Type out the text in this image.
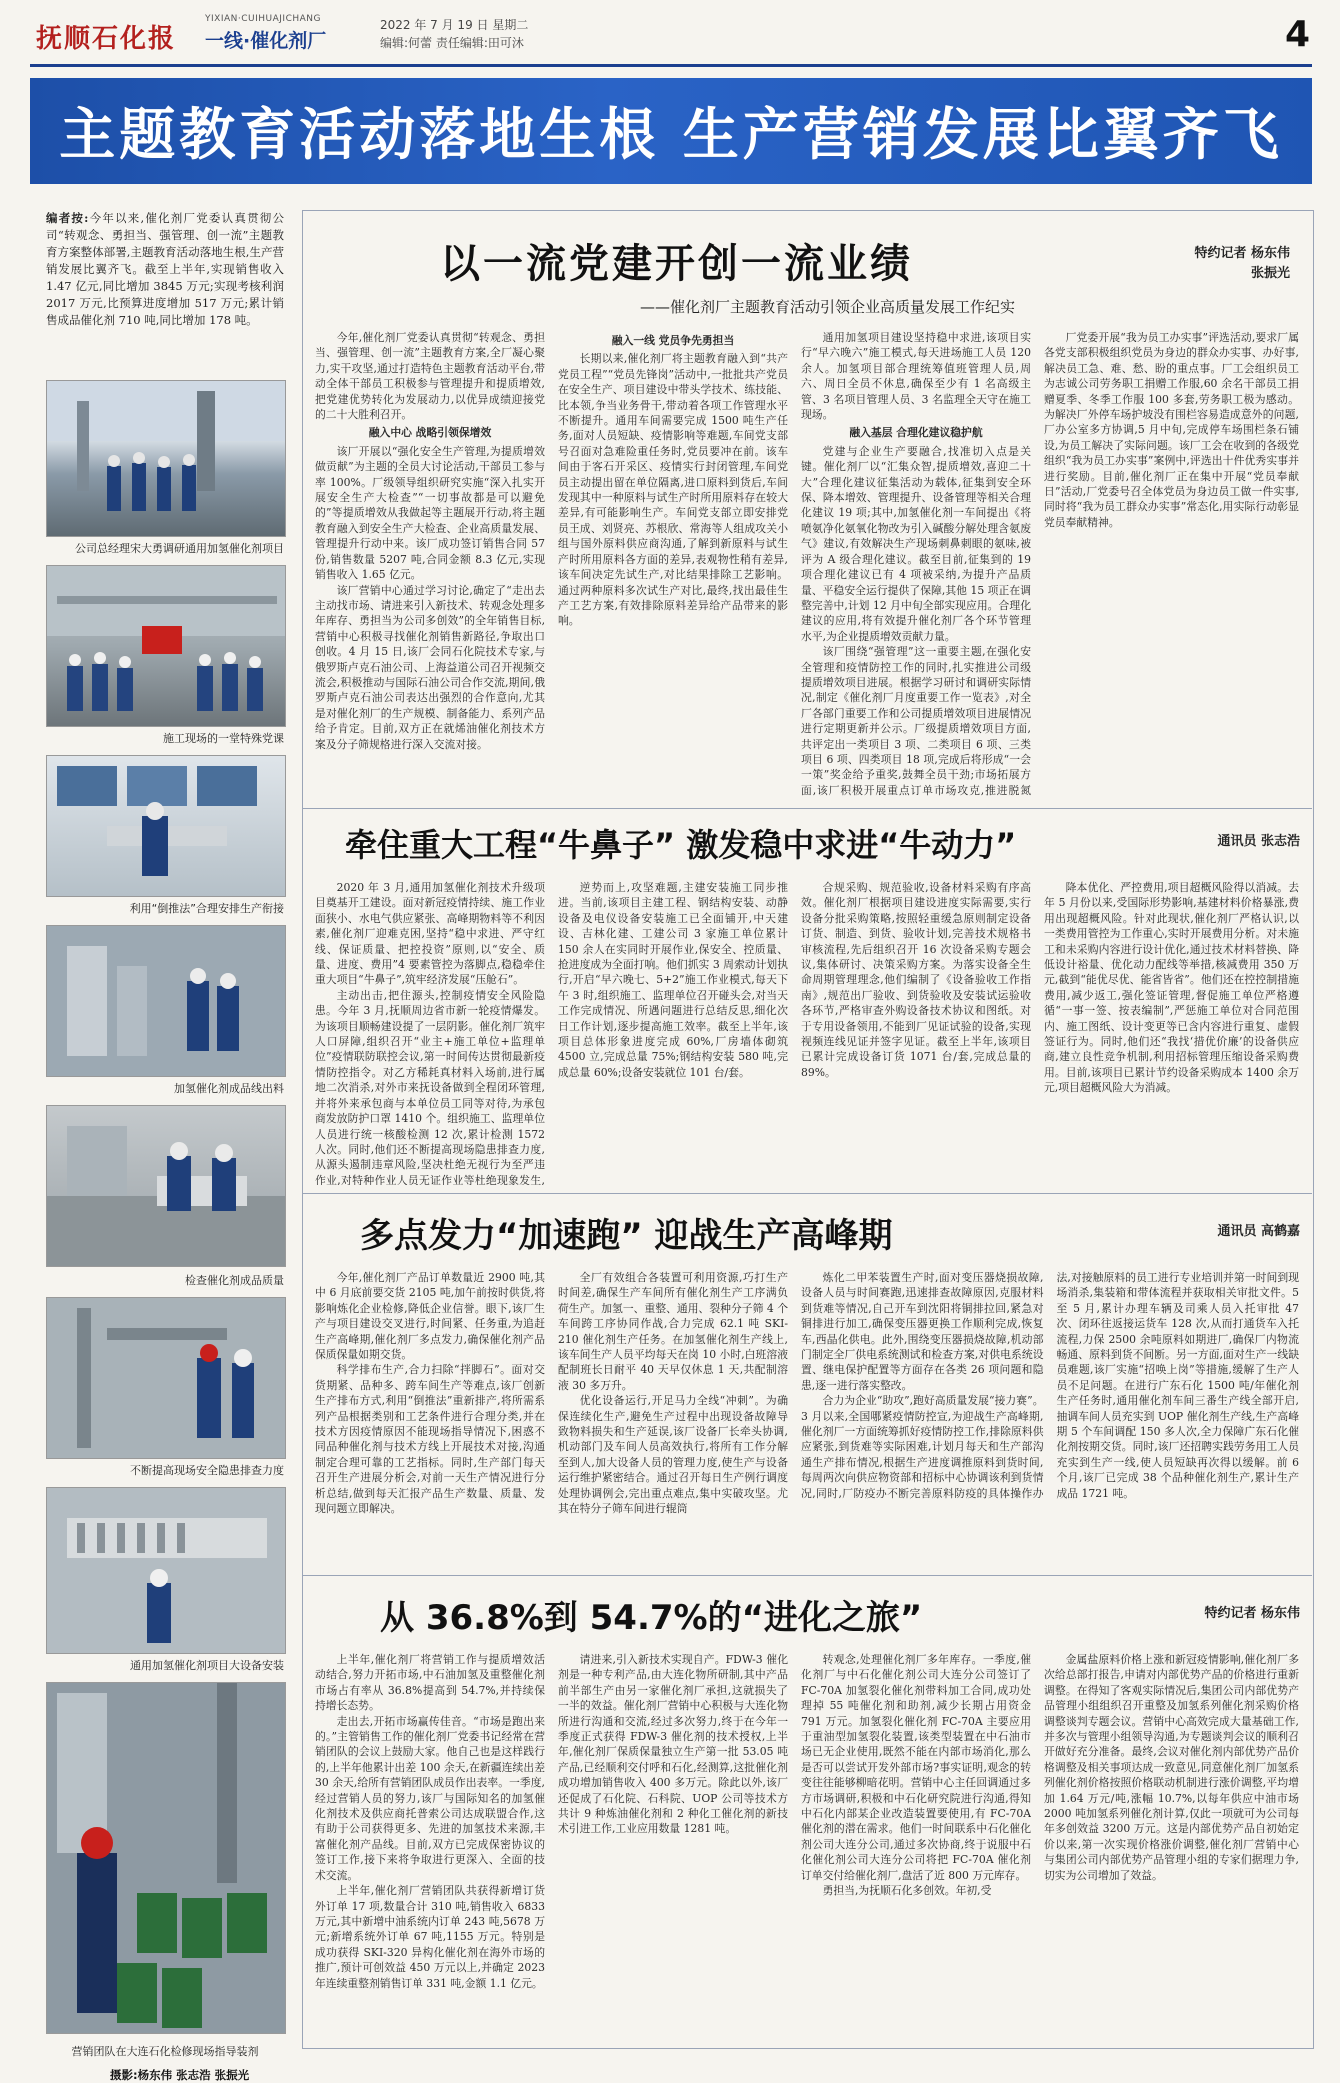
抚顺石化报
YIXIAN·CUIHUAJICHANG
一线·催化剂厂
2022 年 7 月 19 日 星期二
编辑:何蕾 责任编辑:田可沐	4
主题教育活动落地生根 生产营销发展比翼齐飞
编者按:今年以来,催化剂厂党委认真贯彻公司“转观念、勇担当、强管理、创一流”主题教育方案整体部署,主题教育活动落地生根,生产营销发展比翼齐飞。截至上半年,实现销售收入 1.47 亿元,同比增加 3845 万元;实现考核利润 2017 万元,比预算进度增加 517 万元;累计销售成品催化剂 710 吨,同比增加 178 吨。
公司总经理宋大勇调研通用加氢催化剂项目
施工现场的一堂特殊党课
利用“倒推法”合理安排生产衔接
加氢催化剂成品线出料
检查催化剂成品质量
不断提高现场安全隐患排查力度
通用加氢催化剂项目大设备安装
营销团队在大连石化检修现场指导装剂
摄影:杨东伟 张志浩 张振光
以一流党建开创一流业绩
——催化剂厂主题教育活动引领企业高质量发展工作纪实
特约记者 杨东伟
张振光

今年,催化剂厂党委认真贯彻“转观念、勇担当、强管理、创一流”主题教育方案,全厂凝心聚力,实干攻坚,通过打造特色主题教育活动平台,带动全体干部员工积极参与管理提升和提质增效,把党建优势转化为发展动力,以优异成绩迎接党的二十大胜利召开。

融入中心 战略引领保增效

该厂开展以“强化安全生产管理,为提质增效做贡献”为主题的全员大讨论活动,干部员工参与率 100%。厂级领导组织研究实施“深入扎实开展安全生产大检查”“一切事故都是可以避免的”等提质增效从我做起等主题展开行动,将主题教育融入到安全生产大检查、企业高质量发展、管理提升行动中来。该厂成功签订销售合同 57 份,销售数量 5207 吨,合同金额 8.3 亿元,实现销售收入 1.65 亿元。

该厂营销中心通过学习讨论,确定了“走出去主动找市场、请进来引入新技术、转观念处理多年库存、勇担当为公司多创效”的全年销售目标,营销中心积极寻找催化剂销售新路径,争取出口创收。4 月 15 日,该厂会同石化院技术专家,与俄罗斯卢克石油公司、上海益道公司召开视频交流会,积极推动与国际石油公司合作交流,期间,俄罗斯卢克石油公司表达出强烈的合作意向,尤其是对催化剂厂的生产规模、制备能力、系列产品给予肯定。目前,双方正在就烯油催化剂技术方案及分子筛规格进行深入交流对接。

融入一线 党员争先勇担当

长期以来,催化剂厂将主题教育融入到“共产党员工程”“党员先锋岗”活动中,一批批共产党员在安全生产、项目建设中带头学技术、练技能、比本领,争当业务骨干,带动着各项工作管理水平不断提升。通用车间需要完成 1500 吨生产任务,面对人员短缺、疫情影响等难题,车间党支部号召面对急难险重任务时,党员要冲在前。该车间由于客石开采区、疫情实行封闭管理,车间党员主动提出留在单位隔离,进口原料到货后,车间发现其中一种原料与试生产时所用原料存在较大差异,有可能影响生产。车间党支部立即安排党员王成、刘贤亮、苏根欣、常海等人组成攻关小组与国外原料供应商沟通,了解到新原料与试生产时所用原料各方面的差异,表观物性稍有差异,该车间决定先试生产,对比结果排除工艺影响。通过两种原料多次试生产对比,最终,找出最佳生产工艺方案,有效排除原料差异给产品带来的影响。

通用加氢项目建设坚持稳中求进,该项目实行“早六晚六”施工模式,每天进场施工人员 120 余人。加氢项目部合理统筹值班管理人员,周六、周日全员不休息,确保至少有 1 名高级主管、3 名项目管理人员、3 名监理全天守在施工现场。

融入基层 合理化建议稳护航

党建与企业生产要融合,找准切入点是关键。催化剂厂以“汇集众智,提质增效,喜迎二十大”合理化建议征集活动为载体,征集到安全环保、降本增效、管理提升、设备管理等相关合理化建议 19 项;其中,加氢催化剂一车间提出《将喷氨净化氨氧化物改为引入碱酸分解处理含氨废气》建议,有效解决生产现场刺鼻刺眼的氨味,被评为 A 级合理化建议。截至目前,征集到的 19 项合理化建议已有 4 项被采纳,为提升产品质量、平稳安全运行提供了保障,其他 15 项正在调整完善中,计划 12 月中旬全部实现应用。合理化建议的应用,将有效提升催化剂厂各个环节管理水平,为企业提质增效贡献力量。

该厂围绕“强管理”这一重要主题,在强化安全管理和疫情防控工作的同时,扎实推进公司级提质增效项目进展。根据学习研讨和调研实际情况,制定《催化剂厂月度重要工作一览表》,对全厂各部门重要工作和公司提质增效项目进展情况进行定期更新并公示。厂级提质增效项目方面,共评定出一类项目 3 项、二类项目 6 项、三类项目 6 项、四类项目 18 项,完成后将形成“一会一策”奖金给予重奖,鼓舞全员干劲;市场拓展方面,该厂积极开展重点订单市场攻克,推进脱氮

厂党委开展“我为员工办实事”评选活动,要求厂属各党支部积极组织党员为身边的群众办实事、办好事,解决员工急、难、愁、盼的重点事。厂工会组织员工为志诚公司劳务职工捐赠工作服,60 余名干部员工捐赠夏季、冬季工作服 100 多套,劳务职工极为感动。为解决厂外停车场护坡没有围栏容易造成意外的问题,厂办公室多方协调,5 月中旬,完成停车场围栏条石铺设,为员工解决了实际问题。该厂工会在收到的各级党组织“我为员工办实事”案例中,评选出十件优秀实事并进行奖励。目前,催化剂厂正在集中开展“党员奉献日”活动,厂党委号召全体党员为身边员工做一件实事,同时将“我为员工群众办实事”常态化,用实际行动彰显党员奉献精神。

牵住重大工程“牛鼻子” 激发稳中求进“牛动力”	通讯员 张志浩

2020 年 3 月,通用加氢催化剂技术升级项目奠基开工建设。面对新冠疫情持续、施工作业面狭小、水电气供应紧张、高峰期物料等不利因素,催化剂厂迎难克困,坚持“稳中求进、严守红线、保证质量、把控投资”原则,以“安全、质量、进度、费用”4 要素管控为落脚点,稳稳牵住重大项目“牛鼻子”,筑牢经济发展“压舱石”。

主动出击,把住源头,控制疫情安全风险隐患。今年 3 月,抚顺周边省市新一轮疫情爆发。为该项目顺畅建设提了一层阴影。催化剂厂筑牢人口屏障,组织召开“业主+施工单位+监理单位”疫情联防联控会议,第一时间传达贯彻最新疫情防控指令。对乙方稀耗真材料入场前,进行属地二次消杀,对外市来抚设备做到全程闭环管理,并将外来承包商与本单位员工同等对待,为承包商发放防护口罩 1410 个。组织施工、监理单位人员进行统一核酸检测 12 次,累计检测 1572 人次。同时,他们还不断提高现场隐患排查力度,从源头遏制违章风险,坚决杜绝无视行为至严违作业,对特种作业人员无证作业等杜绝现象发生,

逆势而上,攻坚难题,主建安装施工同步推进。当前,该项目主建工程、钢结构安装、动静设备及电仪设备安装施工已全面铺开,中天建设、吉林化建、工建公司 3 家施工单位累计 150 余人在实同时开展作业,保安全、控质量、抢进度成为全面打响。他们抓实 3 周索动计划执行,开启“早六晚七、5+2”施工作业模式,每天下午 3 时,组织施工、监理单位召开碰头会,对当天工作完成情况、所遇问题进行总结反思,细化次日工作计划,逐步提高施工效率。截至上半年,该项目总体形象进度完成 60%,厂房墙体砌筑 4500 立,完成总量 75%;钢结构安装 580 吨,完成总量 60%;设备安装就位 101 台/套。

合规采购、规范验收,设备材料采购有序高效。催化剂厂根据项目建设进度实际需要,实行设备分批采购策略,按照轻重缓急原则制定设备订货、制造、到货、验收计划,完善技术规格书审核流程,先后组织召开 16 次设备采购专题会议,集体研讨、决策采购方案。为落实设备全生命周期管理理念,他们编制了《设备验收工作指南》,规范出厂验收、到货验收及安装试运验收各环节,严格审查外购设备技术协议和图纸。对于专用设备领用,不能到厂见证试验的设备,实现视频连线见证并签字见证。截至上半年,该项目已累计完成设备订货 1071 台/套,完成总量的 89%。

降本优化、严控费用,项目超概风险得以消减。去年 5 月份以来,受国际形势影响,基建材料价格暴涨,费用出现超概风险。针对此现状,催化剂厂严格认识,以一类费用管控为工作重心,实时开展费用分析。对未施工和未采购内容进行设计优化,通过技术材料替换、降低设计裕量、优化动力配线等举措,核减费用 350 万元,截到“能优尽优、能省皆省”。他们还在控控制措施费用,减少返工,强化签证管理,督促施工单位严格遵循“一事一签、按表编制”,严惩施工单位对合同范围内、施工图纸、设计变更等已含内容进行重复、虚假签证行为。同时,他们还“我找‘措优价廉’的设备供应商,建立良性竞争机制,利用招标管理压缩设备采购费用。目前,该项目已累计节约设备采购成本 1400 余万元,项目超概风险大为消减。

多点发力“加速跑” 迎战生产高峰期	通讯员 高鹤嘉

今年,催化剂厂产品订单数量近 2900 吨,其中 6 月底前要交货 2105 吨,加午前按时供货,将影响炼化企业检修,降低企业信誉。眼下,该厂生产与项目建设交叉进行,时间紧、任务重,为追赶生产高峰期,催化剂厂多点发力,确保催化剂产品保质保量如期交货。

科学排布生产,合力扫除“拌脚石”。面对交货期紧、品种多、跨车间生产等难点,该厂创新生产排布方式,利用“倒推法”重新排产,将所需系列产品根据类别和工艺条件进行合理分类,并在技术方因疫情原因不能现场指导情况下,困惑不同品种催化剂与技术方线上开展技术对接,沟通制定合理可靠的工艺指标。同时,生产部门每天召开生产进展分析会,对前一天生产情况进行分析总结,做到每天汇报产品生产数量、质量、发现问题立即解决。

全厂有效组合各装置可利用资源,巧打生产时间差,确保生产车间所有催化剂生产工序满负荷生产。加氢一、重整、通用、裂种分子筛 4 个车间跨工序协同作战,合力完成 62.1 吨 SKI-210 催化剂生产任务。在加氢催化剂生产线上,该车间生产人员平均每天在岗 10 小时,白班溶液配制班长日耐平 40 天早仅休息 1 天,共配制溶液 30 多万升。

优化设备运行,开足马力全线“冲刺”。为确保连续化生产,避免生产过程中出现设备故障导致物料损失和生产延误,该厂设备厂长牵头协调,机动部门及车间人员高效执行,将所有工作分解至到人,加大设备人员的管理力度,使生产与设备运行维护紧密结合。通过召开每日生产例行调度处理协调例会,完出重点难点,集中实破攻坚。尤其在特分子筛车间进行辊筒

炼化二甲苯装置生产时,面对变压器烧损故障,设备人员与时间赛跑,迅速排查故障原因,克服材料到货难等情况,自己开车到沈阳将铜排拉回,紧急对铜排进行加工,确保变压器更换工作顺利完成,恢复车,西晶化供电。此外,围绕变压器损烧故障,机动部门制定全厂供电系统测试和检查方案,对供电系统设置、继电保护配置等方面存在各类 26 项问题和隐患,逐一进行落实整改。

合力为企业“助攻”,跑好高质量发展“接力赛”。3 月以来,全国哪紧疫情防控宣,为迎战生产高峰期,催化剂厂一方面统筹抓好疫情防控工作,排除原料供应紧张,到货难等实际困难,计划月每天和生产部沟通生产排布情况,根据生产进度调推原料到货时间,每周两次向供应物资部和招标中心协调该利到货情况,同时,厂防疫办不断完善原料防疫的具体操作办法,对接触原料的员工进行专业培训并第一时间到现场消杀,集装箱和带体流程并获取相关审批文件。5 至 5 月,累计办理车辆及司乘人员入托审批 47 次、闭环往返接运货车 128 次,从而打通货车入托流程,力保 2500 余吨原料如期进厂,确保厂内物流畅通、原料到货不间断。另一方面,面对生产一线缺员难题,该厂实施“招唤上岗”等措施,缓解了生产人员不足问题。在进行广东石化 1500 吨/年催化剂生产任务时,通用催化剂车间三番生产线全部开启,抽调车间人员充实到 UOP 催化剂生产线,生产高峰期 5 个车间调配 150 多人次,全力保障广东石化催化剂按期交货。同时,该厂还招聘实践劳务用工人员充实到生产一线,使人员短缺再次得以缓解。前 6 个月,该厂已完成 38 个品种催化剂生产,累计生产成品 1721 吨。

从 36.8%到 54.7%的“进化之旅”	特约记者 杨东伟

上半年,催化剂厂将营销工作与提质增效活动结合,努力开拓市场,中石油加氢及重整催化剂市场占有率从 36.8%提高到 54.7%,并持续保持增长态势。

走出去,开拓市场赢传佳音。“市场是跑出来的。”主管销售工作的催化剂厂党委书记经常在营销团队的会议上鼓励大家。他自己也是这样践行的,上半年他累计出差 100 余天,在新疆连续出差 30 余天,给所有营销团队成员作出表率。一季度,经过营销人员的努力,该厂与国际知名的加氢催化剂技术及供应商托普索公司达成联盟合作,这有助于公司获得更多、先进的加氢技术来源,丰富催化剂产品线。目前,双方已完成保密协议的签订工作,接下来将争取进行更深入、全面的技术交流。

上半年,催化剂厂营销团队共获得新增订货外订单 17 项,数量合计 310 吨,销售收入 6833 万元,其中新增中油系统内订单 243 吨,5678 万元;新增系统外订单 67 吨,1155 万元。特别是成功获得 SKI-320 异构化催化剂在海外市场的推广,预计可创效益 450 万元以上,并确定 2023 年连续重整剂销售订单 331 吨,金额 1.1 亿元。

请进来,引入新技术实现自产。FDW-3 催化剂是一种专利产品,由大连化物所研制,其中产品前半部生产由另一家催化剂厂承担,这就损失了一半的效益。催化剂厂营销中心积极与大连化物所进行沟通和交流,经过多次努力,终于在今年一季度正式获得 FDW-3 催化剂的技术授权,上半年,催化剂厂保质保量独立生产第一批 53.05 吨产品,已经顺利交付呼和石化,经测算,这批催化剂成功增加销售收入 400 多万元。除此以外,该厂还促成了石化院、石科院、UOP 公司等技术方共计 9 种炼油催化剂和 2 种化工催化剂的新技术引进工作,工业应用数量 1281 吨。

转观念,处理催化剂厂多年库存。一季度,催化剂厂与中石化催化剂公司大连分公司签订了 FC-70A 加氢裂化催化剂带料加工合同,成功处理掉 55 吨催化剂和助剂,减少长期占用资金 791 万元。加氢裂化催化剂 FC-70A 主要应用于重油型加氢裂化装置,该类型装置在中石油市场已无企业使用,既然不能在内部市场消化,那么是否可以尝试开发外部市场?事实证明,观念的转变往往能够柳暗花明。营销中心主任回调通过多方市场调研,积极和中石化研究院进行沟通,得知中石化内部某企业改造装置要使用,有 FC-70A 催化剂的潜在需求。他们一时间联系中石化催化剂公司大连分公司,通过多次协商,终于说服中石化催化剂公司大连分公司将把 FC-70A 催化剂订单交付给催化剂厂,盘活了近 800 万元库存。

勇担当,为抚顺石化多创效。年初,受

金属盐原料价格上涨和新冠疫情影响,催化剂厂多次给总部打报告,申请对内部优势产品的价格进行重新调整。在得知了客观实际情况后,集团公司内部优势产品管理小组组织召开重整及加氢系列催化剂采购价格调整谈判专题会议。营销中心高效完成大量基础工作,并多次与管理小组领导沟通,为专题谈判会议的顺利召开做好充分准备。最终,会议对催化剂内部优势产品价格调整及相关事项达成一致意见,同意催化剂厂加氢系列催化剂价格按照价格联动机制进行涨价调整,平均增加 1.64 万元/吨,涨幅 10.7%,以每年供应中油市场 2000 吨加氢系列催化剂计算,仅此一项就可为公司每年多创效益 3200 万元。这是内部优势产品自初始定价以来,第一次实现价格涨价调整,催化剂厂营销中心与集团公司内部优势产品管理小组的专家们据理力争,切实为公司增加了效益。
